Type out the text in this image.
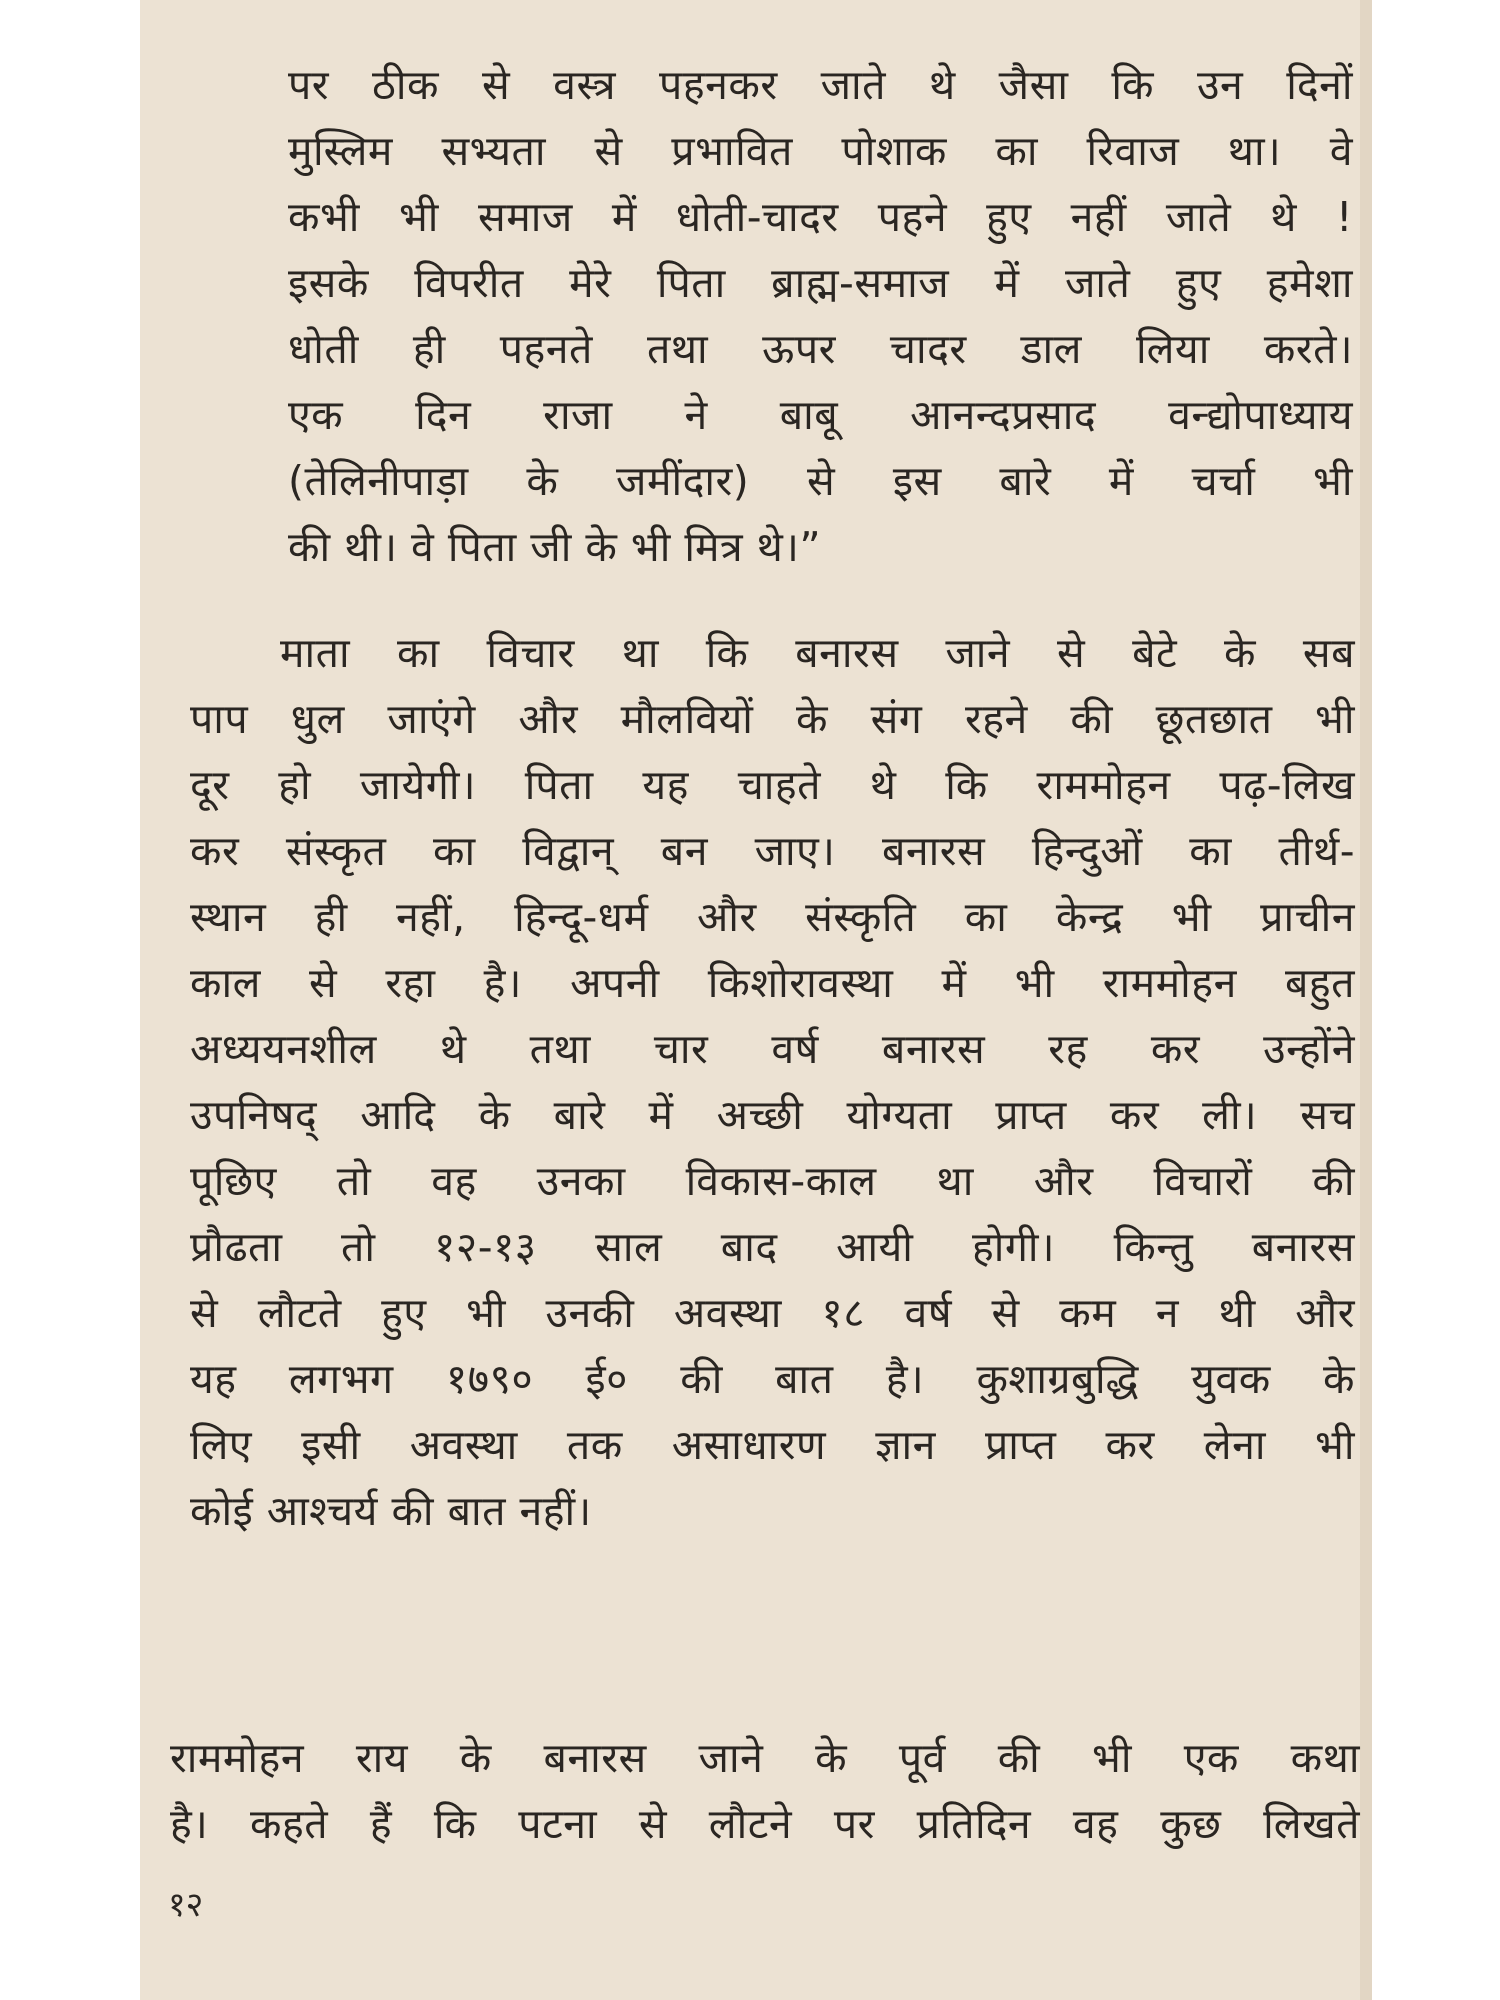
पर ठीक से वस्त्र पहनकर जाते थे जैसा कि उन दिनों
मुस्लिम सभ्यता से प्रभावित पोशाक का रिवाज था। वे
कभी भी समाज में धोती-चादर पहने हुए नहीं जाते थे !
इसके विपरीत मेरे पिता ब्राह्म-समाज में जाते हुए हमेशा
धोती ही पहनते तथा ऊपर चादर डाल लिया करते।
एक दिन राजा ने बाबू आनन्दप्रसाद वन्द्योपाध्याय
(तेलिनीपाड़ा के जमींदार) से इस बारे में चर्चा भी
की थी। वे पिता जी के भी मित्र थे।”
माता का विचार था कि बनारस जाने से बेटे के सब
पाप धुल जाएंगे और मौलवियों के संग रहने की छूतछात भी
दूर हो जायेगी। पिता यह चाहते थे कि राममोहन पढ़-लिख
कर संस्कृत का विद्वान् बन जाए। बनारस हिन्दुओं का तीर्थ-
स्थान ही नहीं, हिन्दू-धर्म और संस्कृति का केन्द्र भी प्राचीन
काल से रहा है। अपनी किशोरावस्था में भी राममोहन बहुत
अध्ययनशील थे तथा चार वर्ष बनारस रह कर उन्होंने
उपनिषद् आदि के बारे में अच्छी योग्यता प्राप्त कर ली। सच
पूछिए तो वह उनका विकास-काल था और विचारों की
प्रौढता तो १२-१३ साल बाद आयी होगी। किन्तु बनारस
से लौटते हुए भी उनकी अवस्था १८ वर्ष से कम न थी और
यह लगभग १७९० ई० की बात है। कुशाग्रबुद्धि युवक के
लिए इसी अवस्था तक असाधारण ज्ञान प्राप्त कर लेना भी
कोई आश्चर्य की बात नहीं।
राममोहन राय के बनारस जाने के पूर्व की भी एक कथा
है। कहते हैं कि पटना से लौटने पर प्रतिदिन वह कुछ लिखते
१२
